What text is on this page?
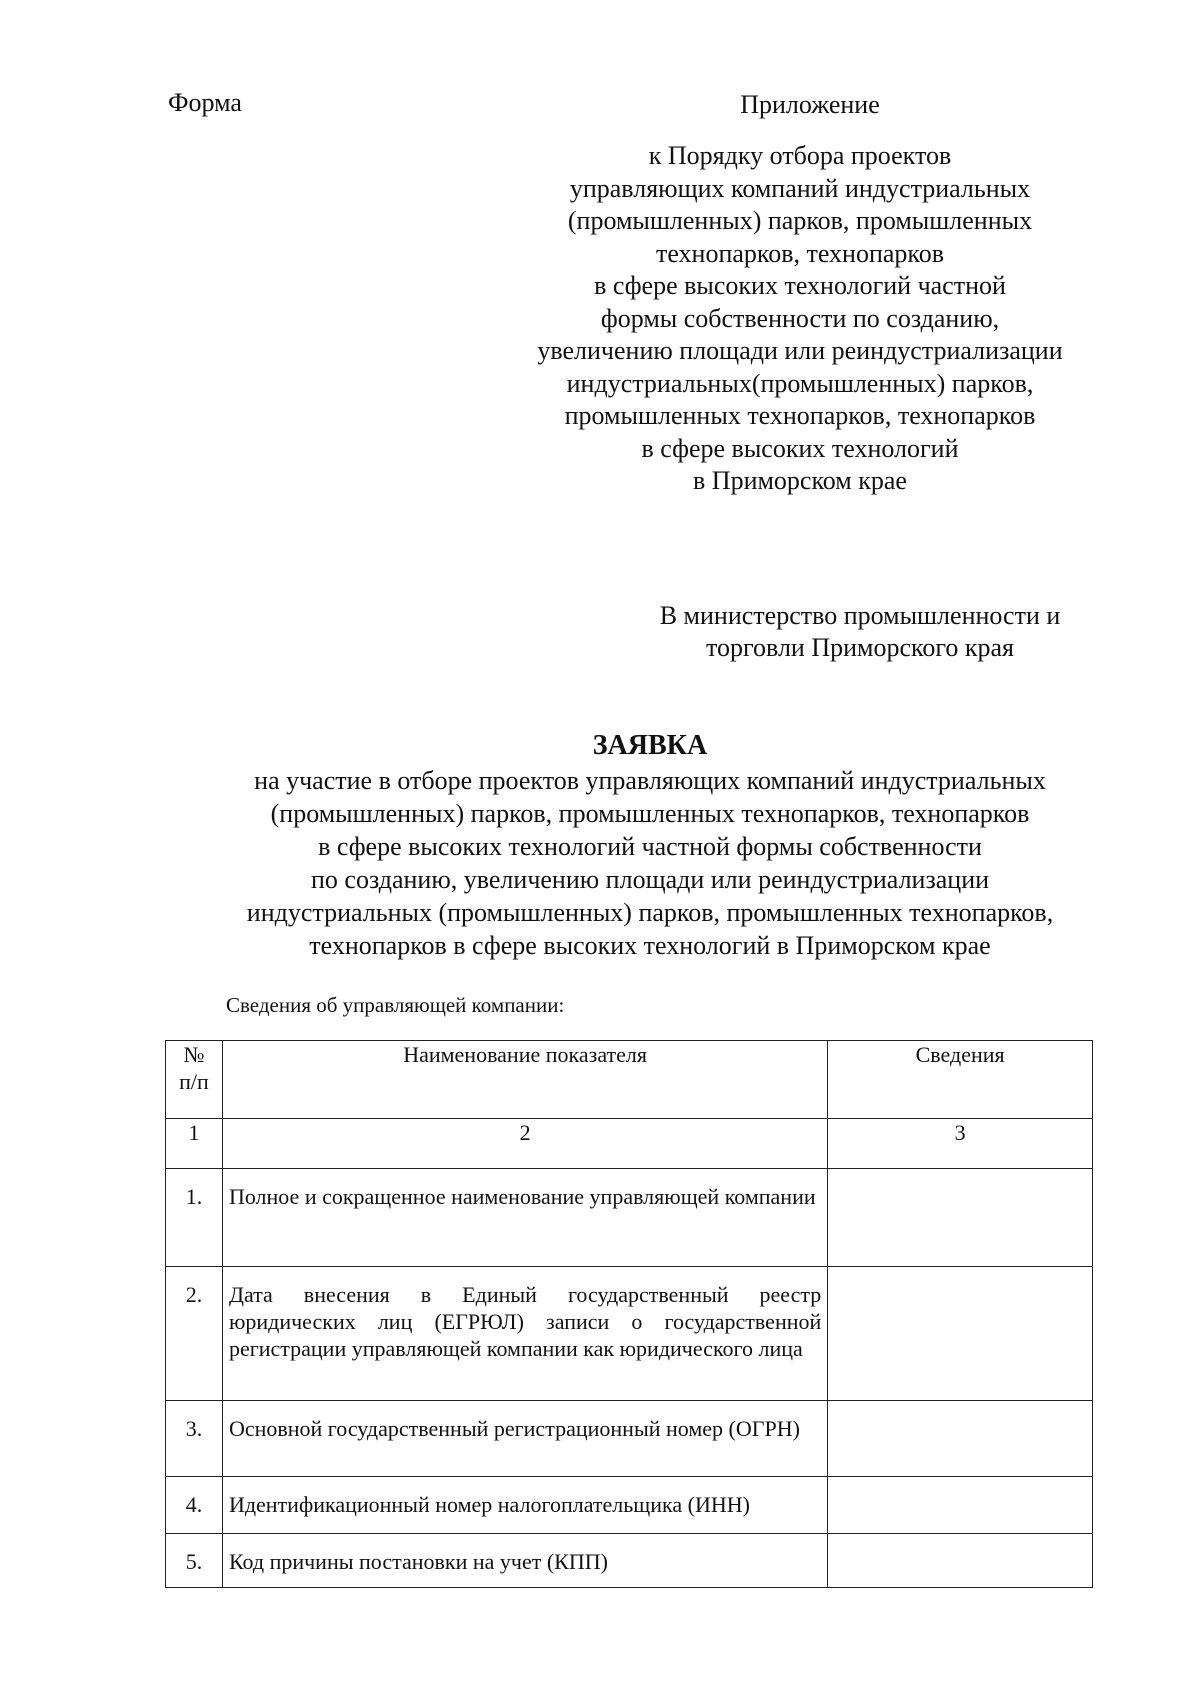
Форма	Приложение
к Порядку отбора проектов
управляющих компаний индустриальных
(промышленных) парков, промышленных
технопарков, технопарков
в сфере высоких технологий частной
формы собственности по созданию,
увеличению площади или реиндустриализации
индустриальных(промышленных) парков,
промышленных технопарков, технопарков
в сфере высоких технологий
в Приморском крае
В министерство промышленности и
торговли Приморского края
ЗАЯВКА
на участие в отборе проектов управляющих компаний индустриальных
(промышленных) парков, промышленных технопарков, технопарков
в сфере высоких технологий частной формы собственности
по созданию, увеличению площади или реиндустриализации
индустриальных (промышленных) парков, промышленных технопарков,
технопарков в сфере высоких технологий в Приморском крае
Сведения об управляющей компании:
№
п/п	Наименование показателя	Сведения
1	2	3
1.	Полное и сокращенное наименование управляющей компании	
2.	Дата внесения в Единый государственный реестр юридических лиц (ЕГРЮЛ) записи о государственной регистрации управляющей компании как юридического лица	
3.	Основной государственный регистрационный номер (ОГРН)	
4.	Идентификационный номер налогоплательщика (ИНН)	
5.	Код причины постановки на учет (КПП)	
